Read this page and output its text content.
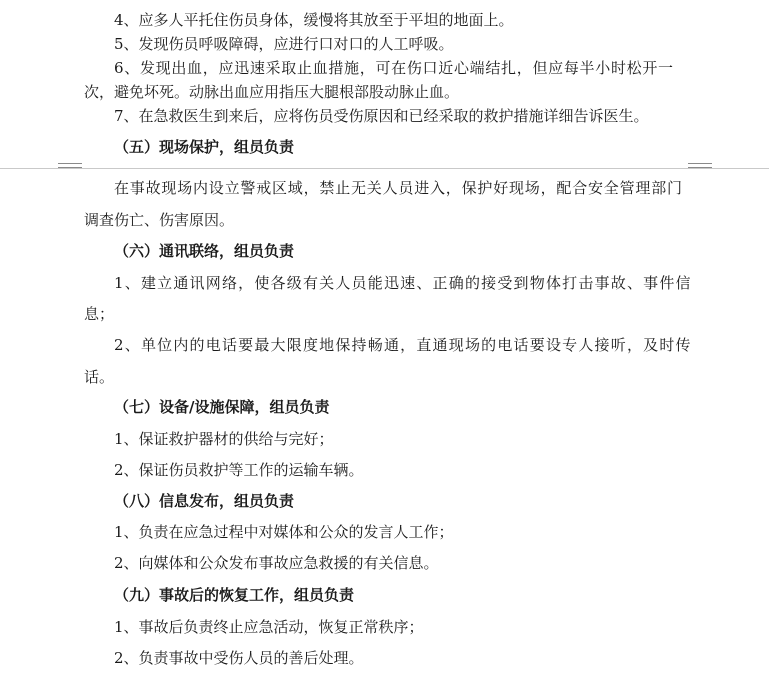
4、应多人平托住伤员身体，缓慢将其放至于平坦的地面上。
5、发现伤员呼吸障碍，应进行口对口的人工呼吸。
6、发现出血，应迅速采取止血措施，可在伤口近心端结扎，但应每半小时松开一
次，避免坏死。动脉出血应用指压大腿根部股动脉止血。
7、在急救医生到来后，应将伤员受伤原因和已经采取的救护措施详细告诉医生。
（五）现场保护，组员负责
在事故现场内设立警戒区域，禁止无关人员进入，保护好现场，配合安全管理部门
调查伤亡、伤害原因。
（六）通讯联络，组员负责
1、建立通讯网络，使各级有关人员能迅速、正确的接受到物体打击事故、事件信
息；
2、单位内的电话要最大限度地保持畅通，直通现场的电话要设专人接听，及时传
话。
（七）设备/设施保障，组员负责
1、保证救护器材的供给与完好；
2、保证伤员救护等工作的运输车辆。
（八）信息发布，组员负责
1、负责在应急过程中对媒体和公众的发言人工作；
2、向媒体和公众发布事故应急救援的有关信息。
（九）事故后的恢复工作，组员负责
1、事故后负责终止应急活动，恢复正常秩序；
2、负责事故中受伤人员的善后处理。
